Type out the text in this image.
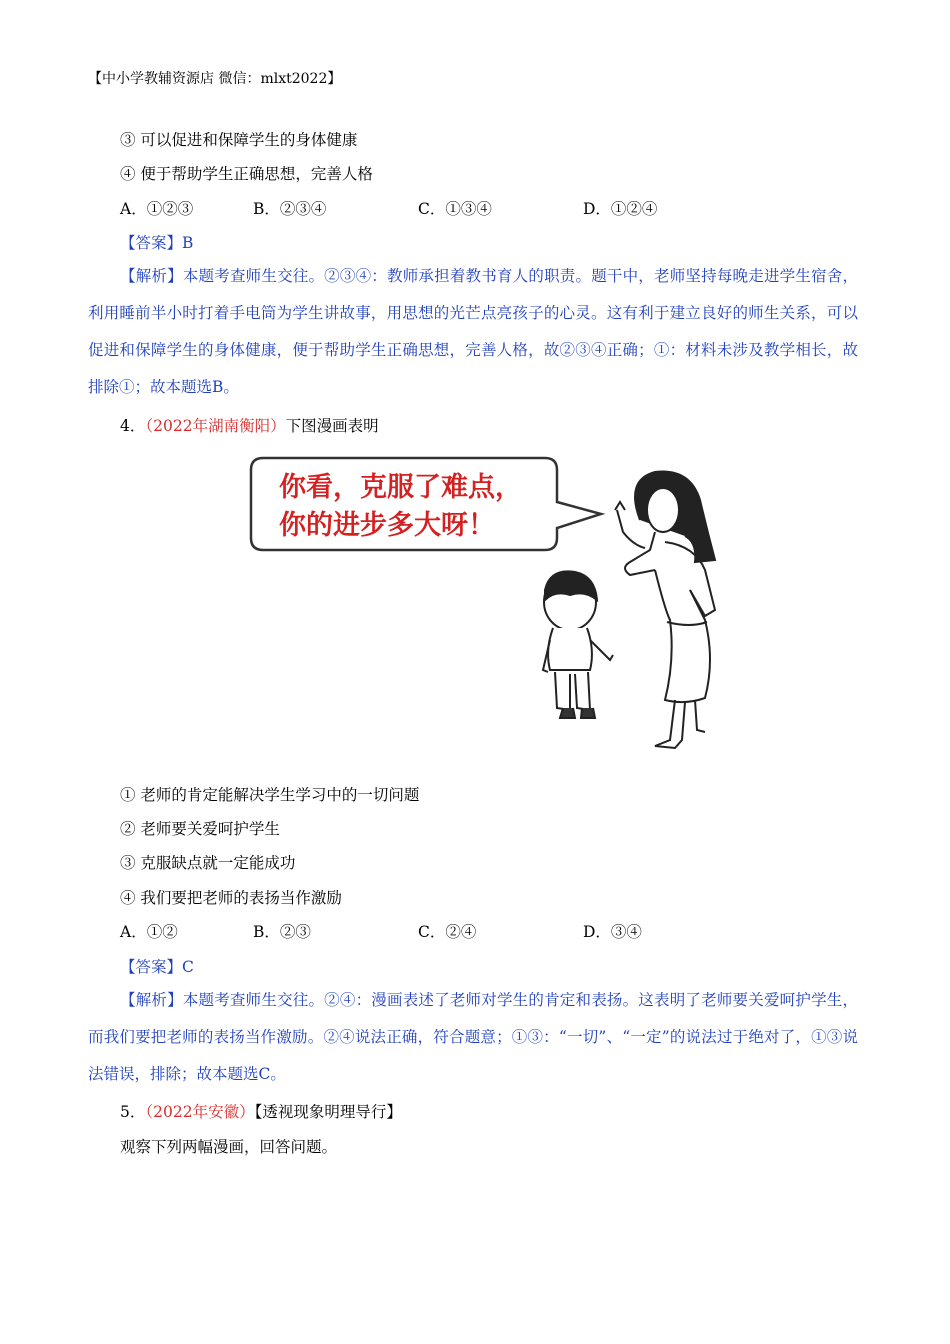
【中小学教辅资源店 微信：mlxt2022】
③ 可以促进和保障学生的身体健康
④ 便于帮助学生正确思想，完善人格
A．①②③	B．②③④	C．①③④	D．①②④
【答案】B
【解析】本题考查师生交往。②③④：教师承担着教书育人的职责。题干中，老师坚持每晚走进学生宿舍，利用睡前半小时打着手电筒为学生讲故事，用思想的光芒点亮孩子的心灵。这有利于建立良好的师生关系，可以促进和保障学生的身体健康，便于帮助学生正确思想，完善人格，故②③④正确；①：材料未涉及教学相长，故排除①；故本题选B。
4．（2022年湖南衡阳）下图漫画表明
你看，克服了难点，
你的进步多大呀！
① 老师的肯定能解决学生学习中的一切问题
② 老师要关爱呵护学生
③ 克服缺点就一定能成功
④ 我们要把老师的表扬当作激励
A．①②	B．②③	C．②④	D．③④
【答案】C
【解析】本题考查师生交往。②④：漫画表述了老师对学生的肯定和表扬。这表明了老师要关爱呵护学生，而我们要把老师的表扬当作激励。②④说法正确，符合题意；①③：“一切”、“一定”的说法过于绝对了，①③说法错误，排除；故本题选C。
5．（2022年安徽）【透视现象明理导行】
观察下列两幅漫画，回答问题。
